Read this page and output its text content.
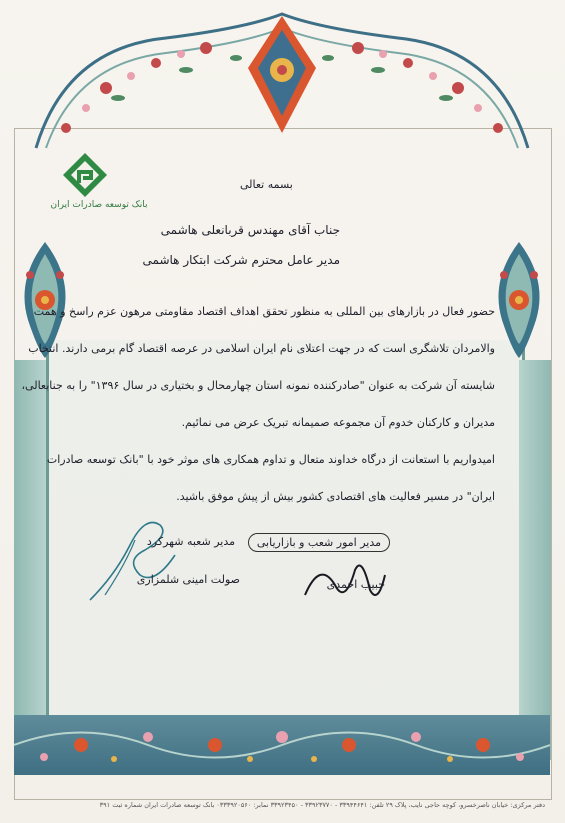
بانک توسعه صادرات ایران
بسمه تعالی
جناب آقای مهندس قربانعلی هاشمی
مدیر عامل محترم شرکت ابتکار هاشمی
حضور فعال در بازارهای بین المللی به منظور تحقق اهداف اقتصاد مقاومتی مرهون عزم راسخ و همت
والامردان تلاشگری است که در جهت اعتلای نام ایران اسلامی در عرصه اقتصاد گام برمی دارند. انتخاب
شایسته آن شرکت به عنوان "صادرکننده نمونه استان چهارمحال و بختیاری در سال ۱۳۹۶" را به جنابعالی،
مدیران و کارکنان خدوم آن مجموعه صمیمانه تبریک عرض می نمائیم.
امیدواریم با استعانت از درگاه خداوند متعال و تداوم همکاری های موثر خود با "بانک توسعه صادرات
ایران" در مسیر فعالیت های اقتصادی کشور بیش از پیش موفق باشید.
مدیر امور شعب و بازاریابی
حبیب احمدی
مدیر شعبه شهرکرد
صولت امینی شلمزاری
دفتر مرکزی: خیابان ناصرخسرو، کوچه حاجی نایب، پلاک ۲۹ تلفن: ۳۳۹۴۴۶۴۱ - ۳۳۹۲۳۷۷۰ - ۳۳۹۲۳۴۵۰ نمابر: ۰۳۳۳۹۲۰۵۶۰ بانک توسعه صادرات ایران شماره ثبت ۳۹۱
